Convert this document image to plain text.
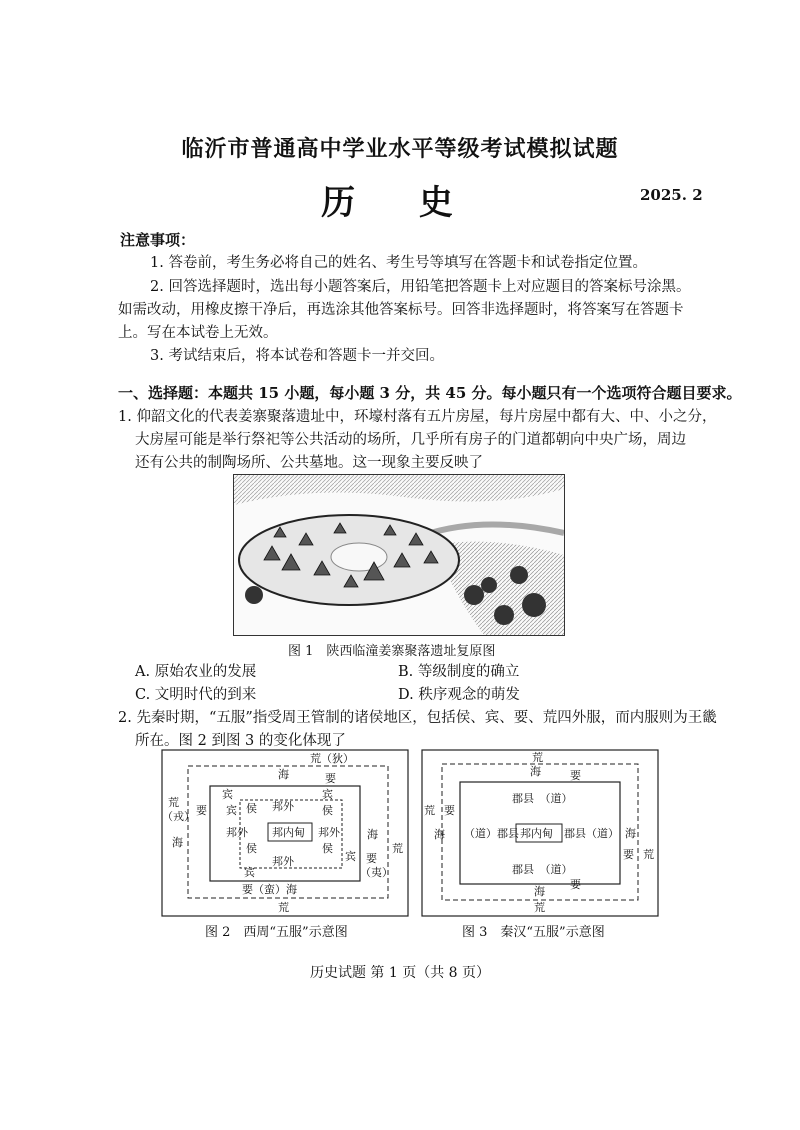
临沂市普通高中学业水平等级考试模拟试题
历 史	2025. 2
注意事项：
1. 答卷前，考生务必将自己的姓名、考生号等填写在答题卡和试卷指定位置。
2. 回答选择题时，选出每小题答案后，用铅笔把答题卡上对应题目的答案标号涂黑。
如需改动，用橡皮擦干净后，再选涂其他答案标号。回答非选择题时，将答案写在答题卡
上。写在本试卷上无效。
3. 考试结束后，将本试卷和答题卡一并交回。
一、选择题：本题共 15 小题，每小题 3 分，共 45 分。每小题只有一个选项符合题目要求。
1. 仰韶文化的代表姜寨聚落遗址中，环壕村落有五片房屋，每片房屋中都有大、中、小之分，
大房屋可能是举行祭祀等公共活动的场所，几乎所有房子的门道都朝向中央广场，周边
还有公共的制陶场所、公共墓地。这一现象主要反映了
图 1　陕西临潼姜寨聚落遗址复原图
A. 原始农业的发展	B. 等级制度的确立
C. 文明时代的到来	D. 秩序观念的萌发
2. 先秦时期，“五服”指受周王管制的诸侯地区，包括侯、宾、要、荒四外服，而内服则为王畿
所在。图 2 到图 3 的变化体现了
荒（狄）
海	要
宾
侯 邦外
宾
侯
荒
（戎）
海
要 宾
邦外 邦内甸 邦外 海
荒
要
（夷）
宾
侯
邦外
侯
宾
要（蛮） 海
荒
图 2　西周“五服”示意图
荒
海	要
郡县　（道）
荒 要
海 （道）郡县 邦内甸 郡县（道） 海
要 荒
郡县　（道）
海
要
荒
图 3　秦汉“五服”示意图
历史试题 第 1 页（共 8 页）
